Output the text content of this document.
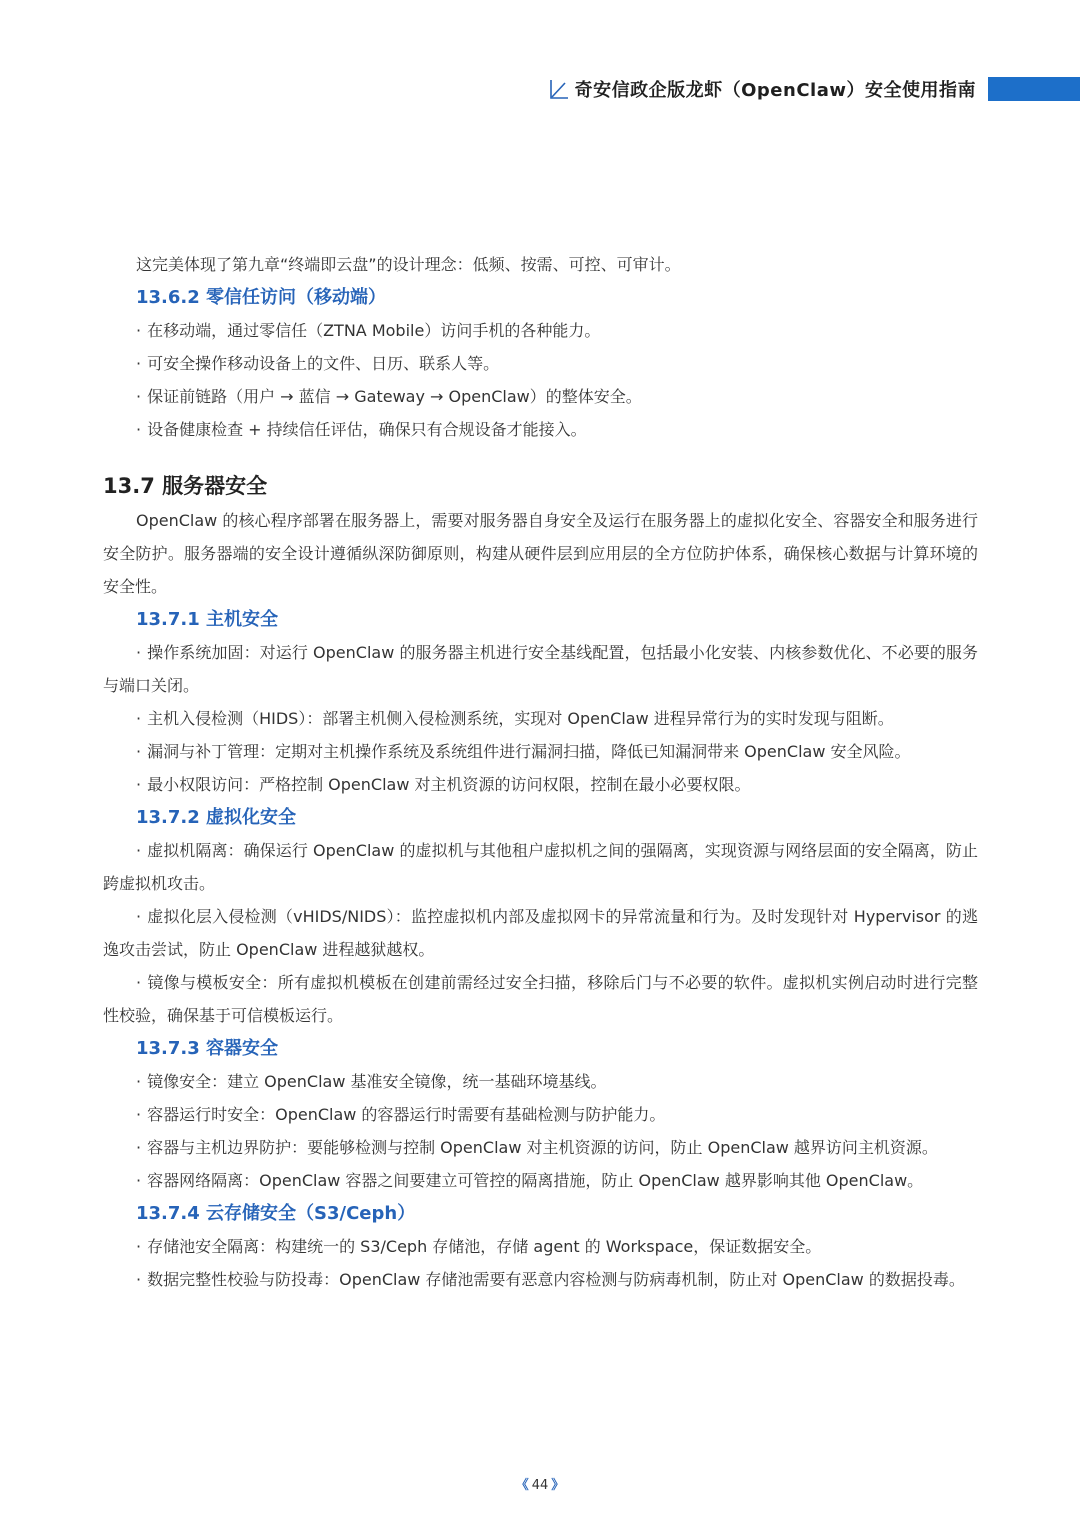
奇安信政企版龙虾（OpenClaw）安全使用指南

这完美体现了第九章“终端即云盘”的设计理念：低频、按需、可控、可审计。

13.6.2 零信任访问（移动端）

· 在移动端，通过零信任（ZTNA Mobile）访问手机的各种能力。

· 可安全操作移动设备上的文件、日历、联系人等。

· 保证前链路（用户 → 蓝信 → Gateway → OpenClaw）的整体安全。

· 设备健康检查 + 持续信任评估，确保只有合规设备才能接入。

13.7 服务器安全

OpenClaw 的核心程序部署在服务器上，需要对服务器自身安全及运行在服务器上的虚拟化安全、容器安全和服务进行安全防护。服务器端的安全设计遵循纵深防御原则，构建从硬件层到应用层的全方位防护体系，确保核心数据与计算环境的安全性。

13.7.1 主机安全

· 操作系统加固：对运行 OpenClaw 的服务器主机进行安全基线配置，包括最小化安装、内核参数优化、不必要的服务与端口关闭。

· 主机入侵检测（HIDS）：部署主机侧入侵检测系统，实现对 OpenClaw 进程异常行为的实时发现与阻断。

· 漏洞与补丁管理：定期对主机操作系统及系统组件进行漏洞扫描，降低已知漏洞带来 OpenClaw 安全风险。

· 最小权限访问：严格控制 OpenClaw 对主机资源的访问权限，控制在最小必要权限。

13.7.2 虚拟化安全

· 虚拟机隔离：确保运行 OpenClaw 的虚拟机与其他租户虚拟机之间的强隔离，实现资源与网络层面的安全隔离，防止跨虚拟机攻击。

· 虚拟化层入侵检测（vHIDS/NIDS）：监控虚拟机内部及虚拟网卡的异常流量和行为。及时发现针对 Hypervisor 的逃逸攻击尝试，防止 OpenClaw 进程越狱越权。

· 镜像与模板安全：所有虚拟机模板在创建前需经过安全扫描，移除后门与不必要的软件。虚拟机实例启动时进行完整性校验，确保基于可信模板运行。

13.7.3 容器安全

· 镜像安全：建立 OpenClaw 基准安全镜像，统一基础环境基线。

· 容器运行时安全：OpenClaw 的容器运行时需要有基础检测与防护能力。

· 容器与主机边界防护：要能够检测与控制 OpenClaw 对主机资源的访问，防止 OpenClaw 越界访问主机资源。

· 容器网络隔离：OpenClaw 容器之间要建立可管控的隔离措施，防止 OpenClaw 越界影响其他 OpenClaw。

13.7.4 云存储安全（S3/Ceph）

· 存储池安全隔离：构建统一的 S3/Ceph 存储池，存储 agent 的 Workspace，保证数据安全。

· 数据完整性校验与防投毒：OpenClaw 存储池需要有恶意内容检测与防病毒机制，防止对 OpenClaw 的数据投毒。

《 44 》
